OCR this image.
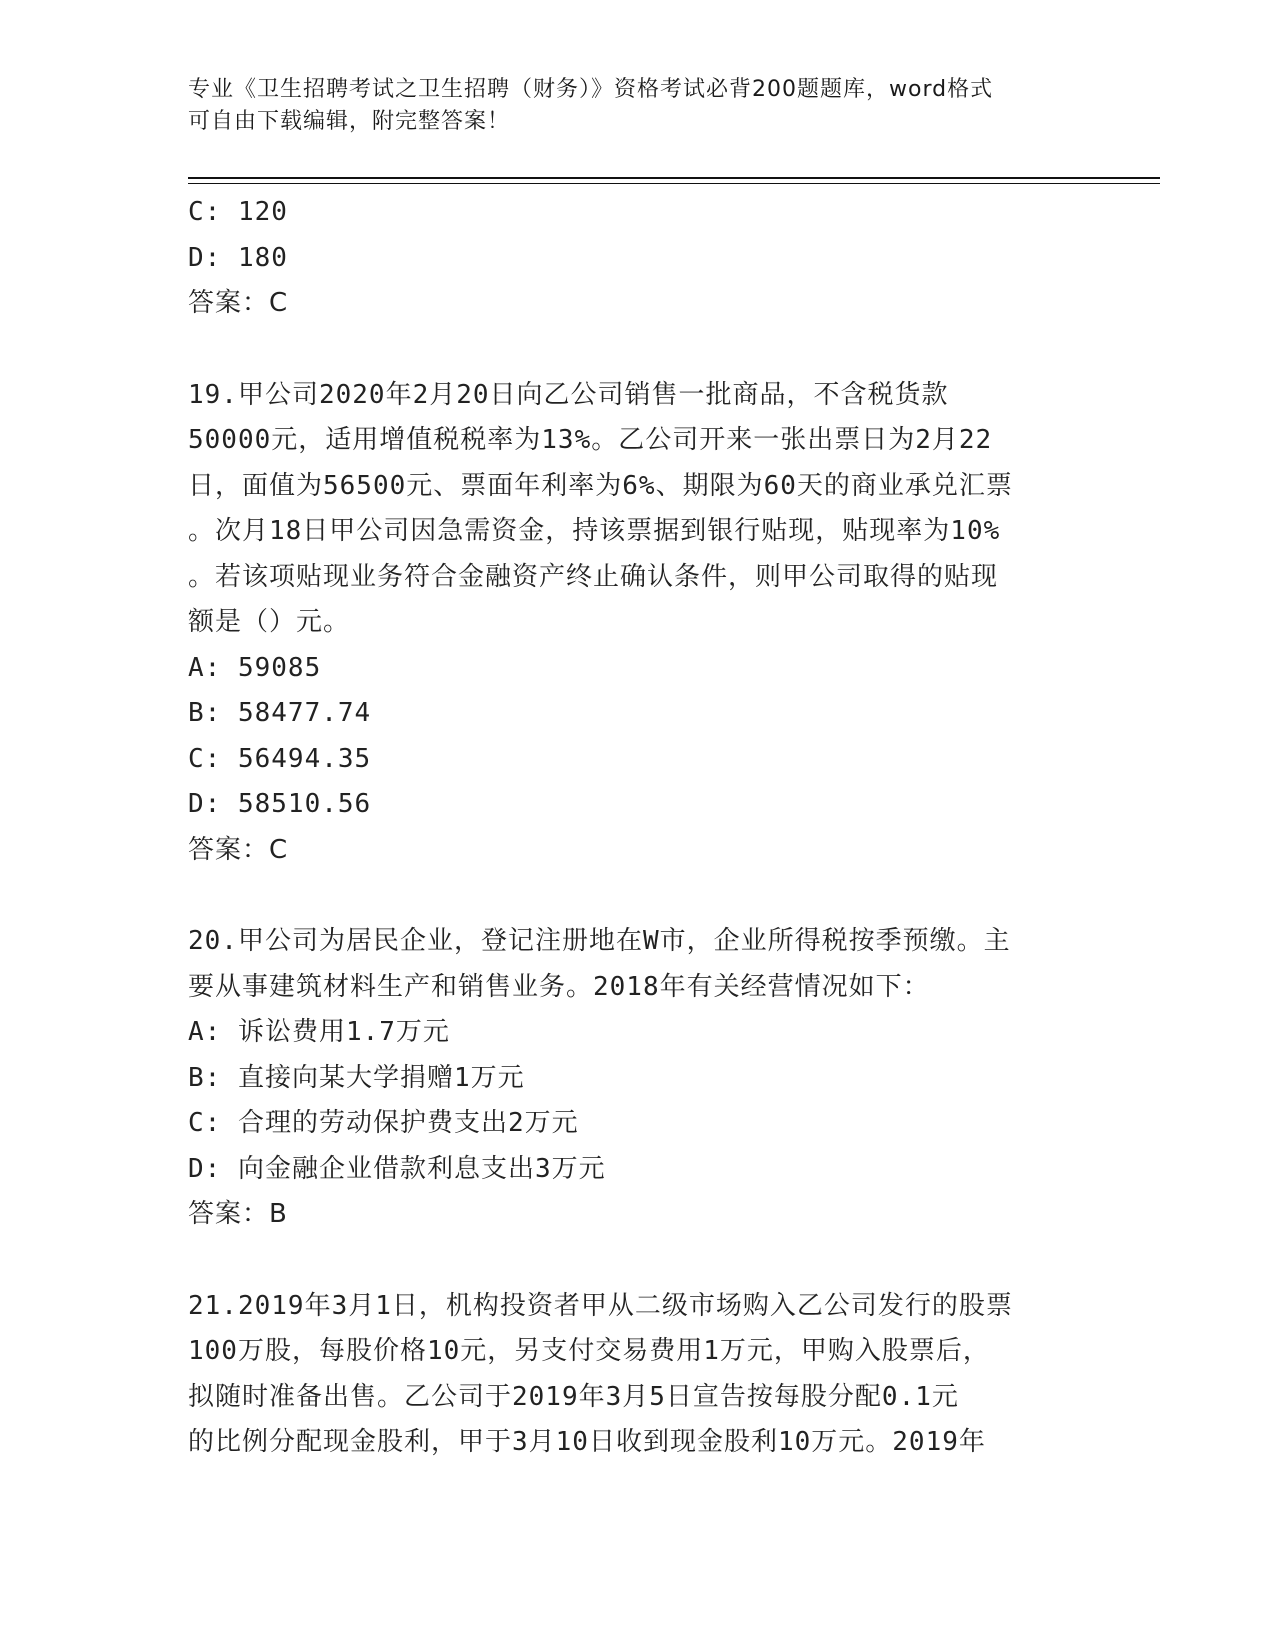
专业《卫生招聘考试之卫生招聘（财务）》资格考试必背200题题库，word格式
可自由下载编辑，附完整答案！
C: 120
D: 180
答案：C
19.甲公司2020年2月20日向乙公司销售一批商品，不含税货款
50000元，适用增值税税率为13%。乙公司开来一张出票日为2月22
日，面值为56500元、票面年利率为6%、期限为60天的商业承兑汇票
。次月18日甲公司因急需资金，持该票据到银行贴现，贴现率为10%
。若该项贴现业务符合金融资产终止确认条件，则甲公司取得的贴现
额是（）元。
A: 59085
B: 58477.74
C: 56494.35
D: 58510.56
答案：C
20.甲公司为居民企业，登记注册地在W市，企业所得税按季预缴。主
要从事建筑材料生产和销售业务。2018年有关经营情况如下：
A: 诉讼费用1.7万元
B: 直接向某大学捐赠1万元
C: 合理的劳动保护费支出2万元
D: 向金融企业借款利息支出3万元
答案：B
21.2019年3月1日，机构投资者甲从二级市场购入乙公司发行的股票
100万股，每股价格10元，另支付交易费用1万元，甲购入股票后，
拟随时准备出售。乙公司于2019年3月5日宣告按每股分配0.1元
的比例分配现金股利，甲于3月10日收到现金股利10万元。2019年
